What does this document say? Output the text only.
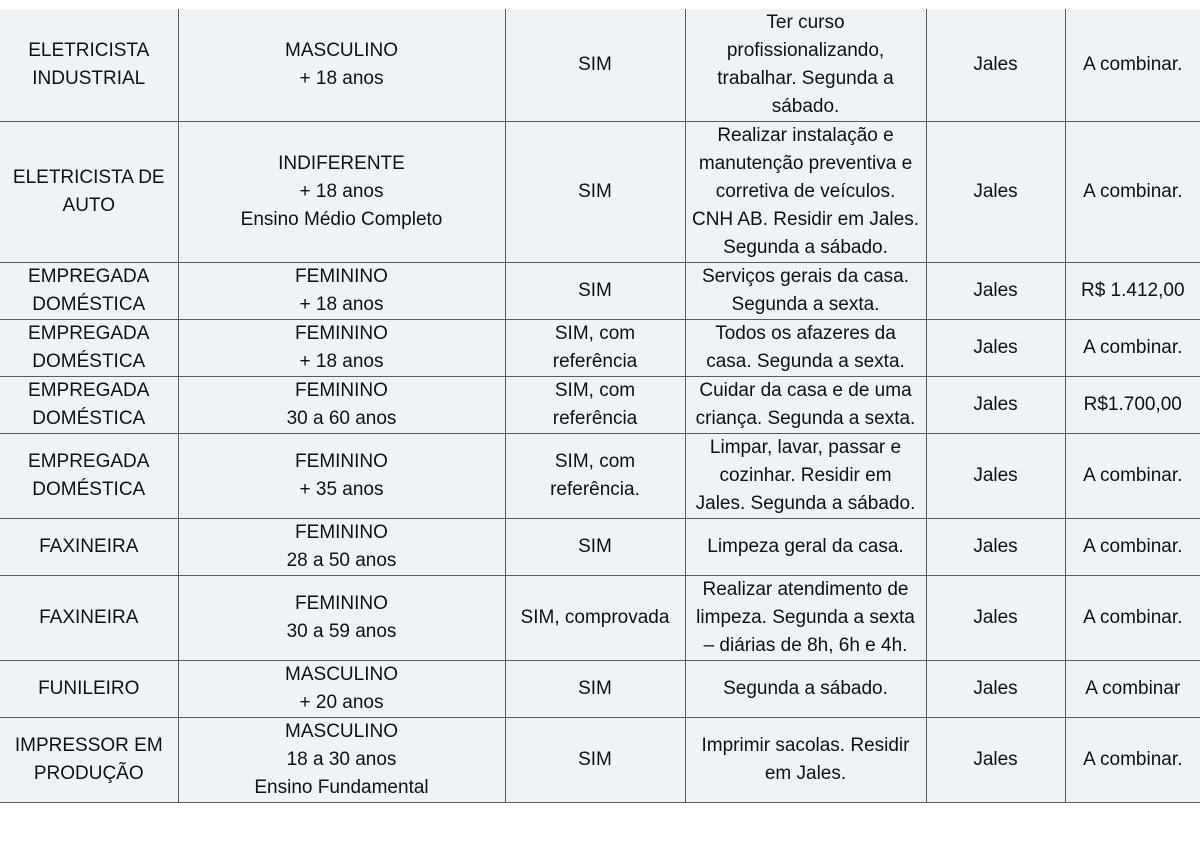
ELETRICISTA
INDUSTRIAL	MASCULINO
+ 18 anos	SIM	Ter curso
profissionalizando,
trabalhar. Segunda a
sábado.	Jales	A combinar.
ELETRICISTA DE
AUTO	INDIFERENTE
+ 18 anos
Ensino Médio Completo	SIM	Realizar instalação e
manutenção preventiva e
corretiva de veículos.
CNH AB. Residir em Jales.
Segunda a sábado.	Jales	A combinar.
EMPREGADA
DOMÉSTICA	FEMININO
+ 18 anos	SIM	Serviços gerais da casa.
Segunda a sexta.	Jales	R$ 1.412,00
EMPREGADA
DOMÉSTICA	FEMININO
+ 18 anos	SIM, com
referência	Todos os afazeres da
casa. Segunda a sexta.	Jales	A combinar.
EMPREGADA
DOMÉSTICA	FEMININO
30 a 60 anos	SIM, com
referência	Cuidar da casa e de uma
criança. Segunda a sexta.	Jales	R$1.700,00
EMPREGADA
DOMÉSTICA	FEMININO
+ 35 anos	SIM, com
referência.	Limpar, lavar, passar e
cozinhar. Residir em
Jales. Segunda a sábado.	Jales	A combinar.
FAXINEIRA	FEMININO
28 a 50 anos	SIM	Limpeza geral da casa.	Jales	A combinar.
FAXINEIRA	FEMININO
30 a 59 anos	SIM, comprovada	Realizar atendimento de
limpeza. Segunda a sexta
– diárias de 8h, 6h e 4h.	Jales	A combinar.
FUNILEIRO	MASCULINO
+ 20 anos	SIM	Segunda a sábado.	Jales	A combinar
IMPRESSOR EM
PRODUÇÃO	MASCULINO
18 a 30 anos
Ensino Fundamental	SIM	Imprimir sacolas. Residir
em Jales.	Jales	A combinar.
